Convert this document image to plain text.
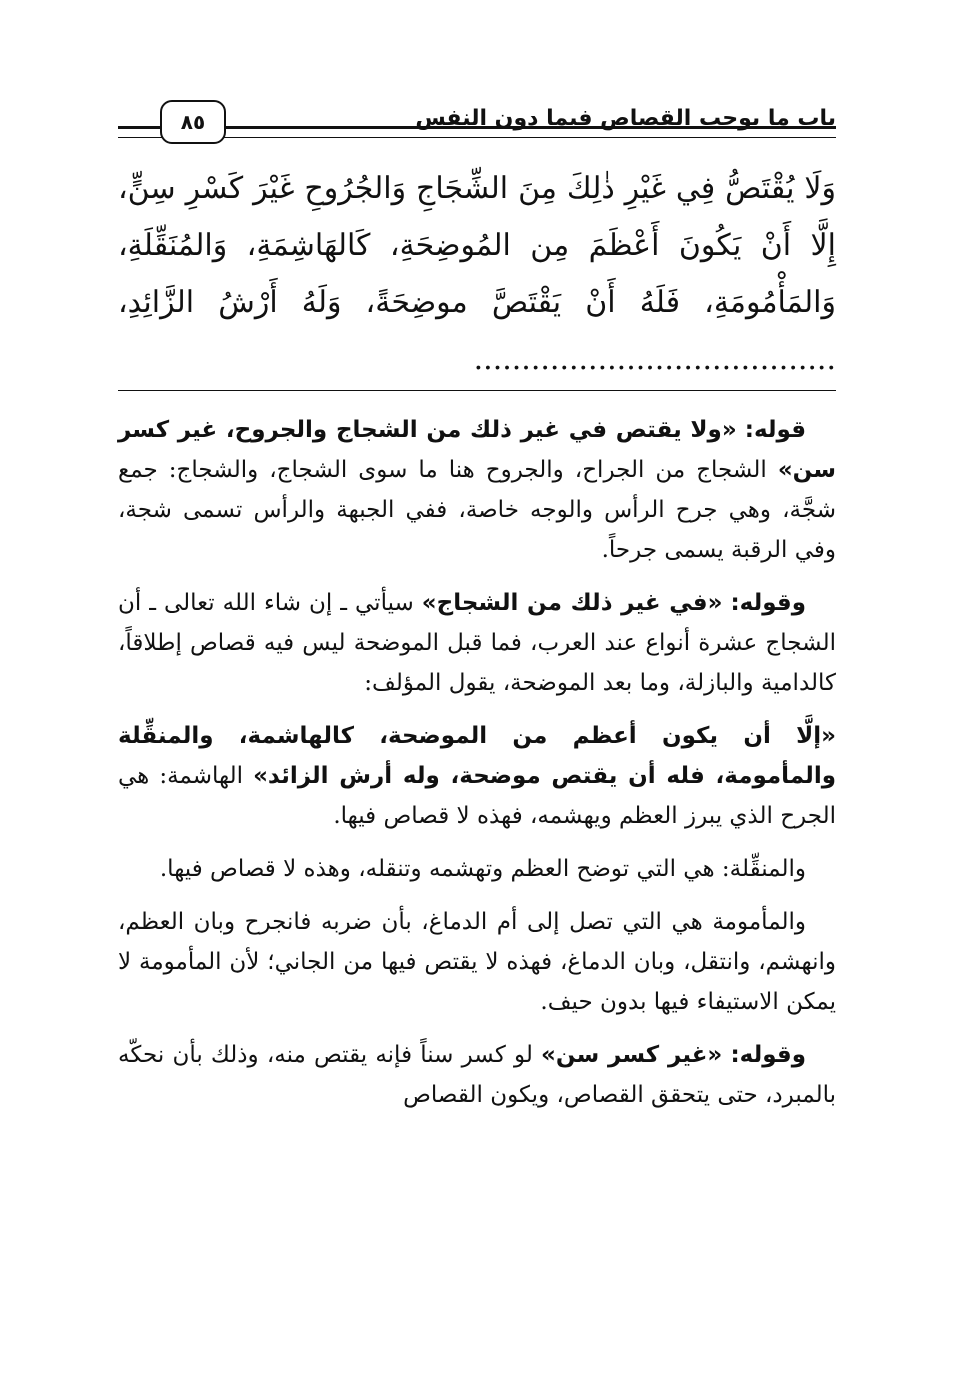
باب ما يوجب القصاص فيما دون النفس
٨٥
وَلَا يُقْتَصُّ فِي غَيْرِ ذٰلِكَ مِنَ الشِّجَاجِ وَالجُرُوحِ غَيْرَ كَسْرِ سِنٍّ، إِلَّا أَنْ يَكُونَ أَعْظَمَ مِن المُوضِحَةِ، كَالهَاشِمَةِ، وَالمُنَقِّلَةِ، وَالمَأْمُومَةِ، فَلَهُ أَنْ يَقْتَصَّ موضِحَةً، وَلَهُ أَرْشُ الزَّائِدِ، ......................................

قوله: «ولا يقتص في غير ذلك من الشجاج والجروح، غير كسر سن» الشجاج من الجراح، والجروح هنا ما سوى الشجاج، والشجاج: جمع شجَّة، وهي جرح الرأس والوجه خاصة، ففي الجبهة والرأس تسمى شجة، وفي الرقبة يسمى جرحاً.

وقوله: «في غير ذلك من الشجاج» سيأتي ـ إن شاء الله تعالى ـ أن الشجاج عشرة أنواع عند العرب، فما قبل الموضحة ليس فيه قصاص إطلاقاً، كالدامية والبازلة، وما بعد الموضحة، يقول المؤلف:

«إلَّا أن يكون أعظم من الموضحة، كالهاشمة، والمنقِّلة والمأمومة، فله أن يقتص موضحة، وله أرش الزائد» الهاشمة: هي الجرح الذي يبرز العظم ويهشمه، فهذه لا قصاص فيها.

والمنقِّلة: هي التي توضح العظم وتهشمه وتنقله، وهذه لا قصاص فيها.

والمأمومة هي التي تصل إلى أم الدماغ، بأن ضربه فانجرح وبان العظم، وانهشم، وانتقل، وبان الدماغ، فهذه لا يقتص فيها من الجاني؛ لأن المأمومة لا يمكن الاستيفاء فيها بدون حيف.

وقوله: «غير كسر سن» لو كسر سناً فإنه يقتص منه، وذلك بأن نحكّه بالمبرد، حتى يتحقق القصاص، ويكون القصاص
